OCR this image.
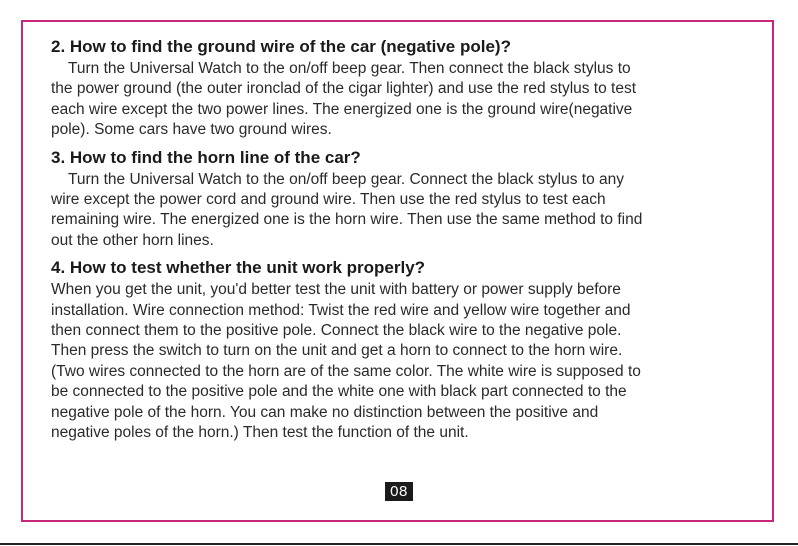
2. How to find the ground wire of the car (negative pole)?

Turn the Universal Watch to the on/off beep gear. Then connect the black stylus to
the power ground (the outer ironclad of the cigar lighter) and use the red stylus to test
each wire except the two power lines. The energized one is the ground wire(negative
pole). Some cars have two ground wires.

3. How to find the horn line of the car?

Turn the Universal Watch to the on/off beep gear. Connect the black stylus to any
wire except the power cord and ground wire. Then use the red stylus to test each
remaining wire. The energized one is the horn wire. Then use the same method to find
out the other horn lines.

4. How to test whether the unit work properly?

When you get the unit, you'd better test the unit with battery or power supply before
installation. Wire connection method: Twist the red wire and yellow wire together and
then connect them to the positive pole. Connect the black wire to the negative pole.
Then press the switch to turn on the unit and get a horn to connect to the horn wire.
(Two wires connected to the horn are of the same color. The white wire is supposed to
be connected to the positive pole and the white one with black part connected to the
negative pole of the horn. You can make no distinction between the positive and
negative poles of the horn.) Then test the function of the unit.

08
